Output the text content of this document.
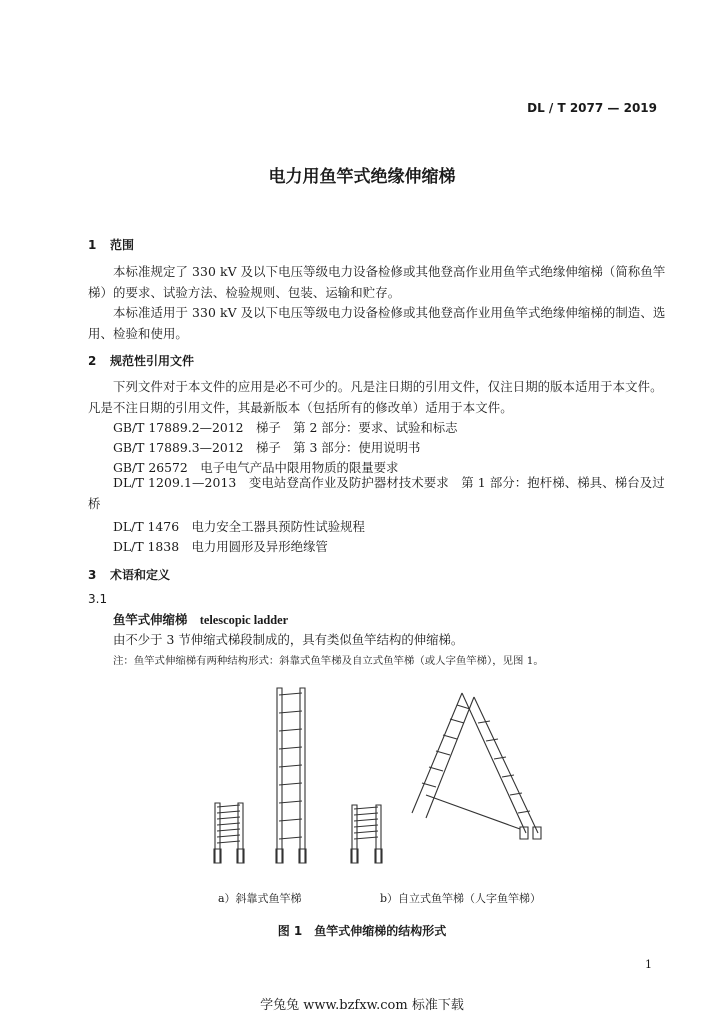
DL / T 2077 — 2019
电力用鱼竿式绝缘伸缩梯
1 范围
本标准规定了 330 kV 及以下电压等级电力设备检修或其他登高作业用鱼竿式绝缘伸缩梯（简称鱼竿梯）的要求、试验方法、检验规则、包装、运输和贮存。
本标准适用于 330 kV 及以下电压等级电力设备检修或其他登高作业用鱼竿式绝缘伸缩梯的制造、选用、检验和使用。
2 规范性引用文件
下列文件对于本文件的应用是必不可少的。凡是注日期的引用文件，仅注日期的版本适用于本文件。凡是不注日期的引用文件，其最新版本（包括所有的修改单）适用于本文件。
GB/T 17889.2—2012　 梯子　第 2 部分：要求、试验和标志
GB/T 17889.3—2012　 梯子　第 3 部分：使用说明书
GB/T 26572　 电子电气产品中限用物质的限量要求
DL/T 1209.1—2013　 变电站登高作业及防护器材技术要求　第 1 部分：抱杆梯、梯具、梯台及过桥
DL/T 1476　 电力安全工器具预防性试验规程
DL/T 1838　 电力用圆形及异形绝缘管
3 术语和定义
3.1
鱼竿式伸缩梯　 telescopic ladder
由不少于 3 节伸缩式梯段制成的，具有类似鱼竿结构的伸缩梯。
注：鱼竿式伸缩梯有两种结构形式：斜靠式鱼竿梯及自立式鱼竿梯（或人字鱼竿梯），见图 1。
a）斜靠式鱼竿梯	b）自立式鱼竿梯（人字鱼竿梯）
图 1　鱼竿式伸缩梯的结构形式
1
学兔兔 www.bzfxw.com 标准下载
